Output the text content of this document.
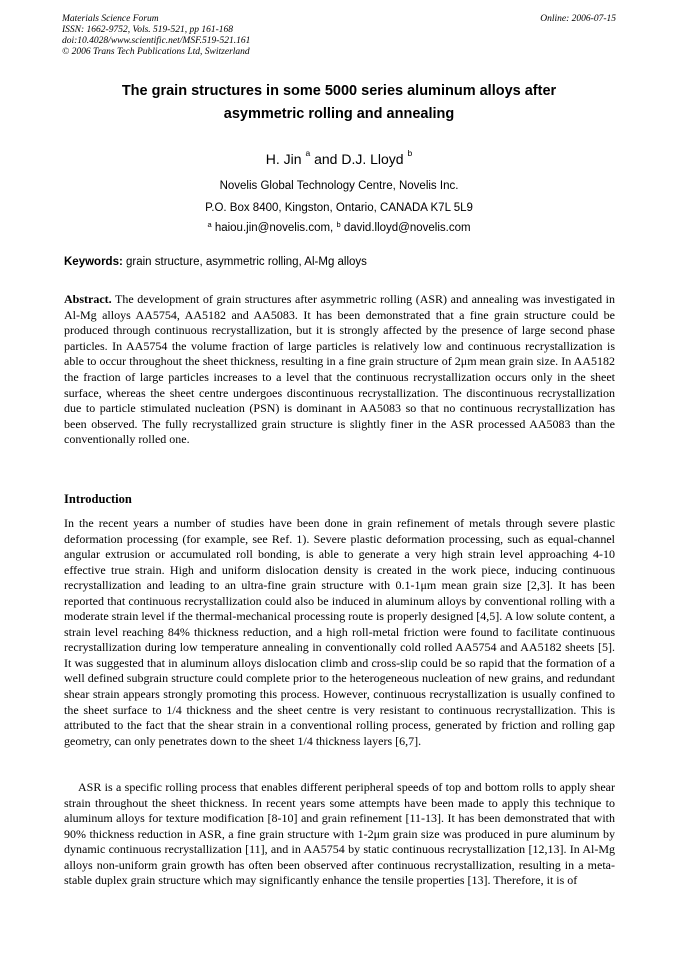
Materials Science Forum
ISSN: 1662-9752, Vols. 519-521, pp 161-168
doi:10.4028/www.scientific.net/MSF.519-521.161
© 2006 Trans Tech Publications Ltd, Switzerland
Online: 2006-07-15
The grain structures in some 5000 series aluminum alloys after
asymmetric rolling and annealing
H. Jin $^a$ and D.J. Lloyd $^b$
Novelis Global Technology Centre, Novelis Inc.
P.O. Box 8400, Kingston, Ontario, CANADA K7L 5L9
$^a$ haiou.jin@novelis.com, $^b$ david.lloyd@novelis.com
Keywords: grain structure, asymmetric rolling, Al-Mg alloys
Abstract. The development of grain structures after asymmetric rolling (ASR) and annealing was investigated in Al-Mg alloys AA5754, AA5182 and AA5083. It has been demonstrated that a fine grain structure could be produced through continuous recrystallization, but it is strongly affected by the presence of large second phase particles. In AA5754 the volume fraction of large particles is relatively low and continuous recrystallization is able to occur throughout the sheet thickness, resulting in a fine grain structure of 2μm mean grain size. In AA5182 the fraction of large particles increases to a level that the continuous recrystallization occurs only in the sheet surface, whereas the sheet centre undergoes discontinuous recrystallization. The discontinuous recrystallization due to particle stimulated nucleation (PSN) is dominant in AA5083 so that no continuous recrystallization has been observed. The fully recrystallized grain structure is slightly finer in the ASR processed AA5083 than the conventionally rolled one.
Introduction

In the recent years a number of studies have been done in grain refinement of metals through severe plastic deformation processing (for example, see Ref. 1). Severe plastic deformation processing, such as equal-channel angular extrusion or accumulated roll bonding, is able to generate a very high strain level approaching 4-10 effective true strain. High and uniform dislocation density is created in the work piece, inducing continuous recrystallization and leading to an ultra-fine grain structure with 0.1-1μm mean grain size [2,3]. It has been reported that continuous recrystallization could also be induced in aluminum alloys by conventional rolling with a moderate strain level if the thermal-mechanical processing route is properly designed [4,5]. A low solute content, a strain level reaching 84% thickness reduction, and a high roll-metal friction were found to facilitate continuous recrystallization during low temperature annealing in conventionally cold rolled AA5754 and AA5182 sheets [5]. It was suggested that in aluminum alloys dislocation climb and cross-slip could be so rapid that the formation of a well defined subgrain structure could complete prior to the heterogeneous nucleation of new grains, and redundant shear strain appears strongly promoting this process. However, continuous recrystallization is usually confined to the sheet surface to 1/4 thickness and the sheet centre is very resistant to continuous recrystallization. This is attributed to the fact that the shear strain in a conventional rolling process, generated by friction and rolling gap geometry, can only penetrates down to the sheet 1/4 thickness layers [6,7].

ASR is a specific rolling process that enables different peripheral speeds of top and bottom rolls to apply shear strain throughout the sheet thickness. In recent years some attempts have been made to apply this technique to aluminum alloys for texture modification [8-10] and grain refinement [11-13]. It has been demonstrated that with 90% thickness reduction in ASR, a fine grain structure with 1-2μm grain size was produced in pure aluminum by dynamic continuous recrystallization [11], and in AA5754 by static continuous recrystallization [12,13]. In Al-Mg alloys non-uniform grain growth has often been observed after continuous recrystallization, resulting in a meta-stable duplex grain structure which may significantly enhance the tensile properties [13]. Therefore, it is of
